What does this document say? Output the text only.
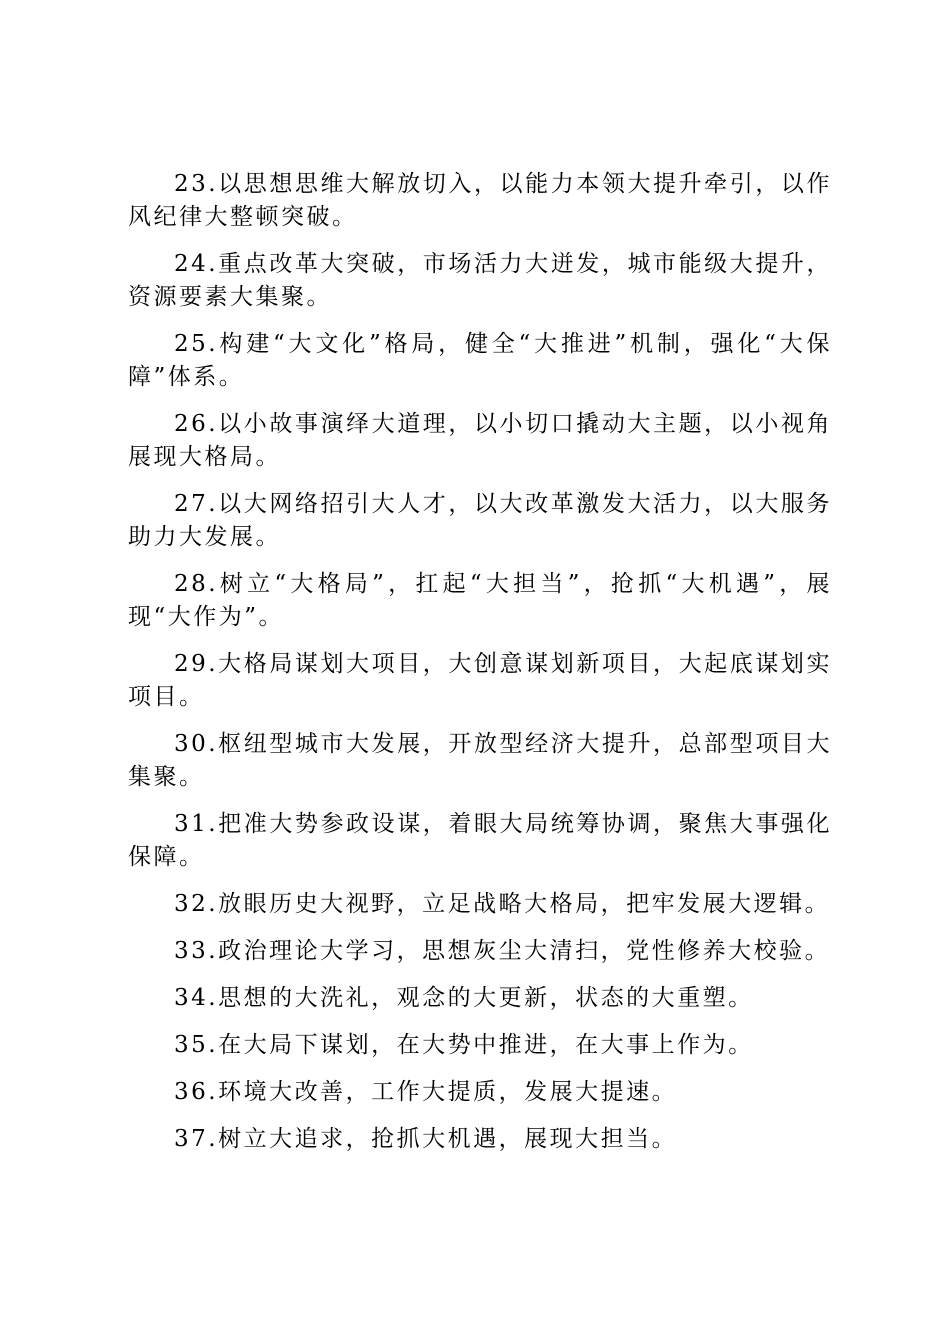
23.以思想思维大解放切入，以能力本领大提升牵引，以作风纪律大整顿突破。

24.重点改革大突破，市场活力大迸发，城市能级大提升，资源要素大集聚。

25.构建“大文化”格局，健全“大推进”机制，强化“大保障”体系。

26.以小故事演绎大道理，以小切口撬动大主题，以小视角展现大格局。

27.以大网络招引大人才，以大改革激发大活力，以大服务助力大发展。

28.树立“大格局”，扛起“大担当”，抢抓“大机遇”，展现“大作为”。

29.大格局谋划大项目，大创意谋划新项目，大起底谋划实项目。

30.枢纽型城市大发展，开放型经济大提升，总部型项目大集聚。

31.把准大势参政设谋，着眼大局统筹协调，聚焦大事强化保障。

32.放眼历史大视野，立足战略大格局，把牢发展大逻辑。

33.政治理论大学习，思想灰尘大清扫，党性修养大校验。

34.思想的大洗礼，观念的大更新，状态的大重塑。

35.在大局下谋划，在大势中推进，在大事上作为。

36.环境大改善，工作大提质，发展大提速。

37.树立大追求，抢抓大机遇，展现大担当。
